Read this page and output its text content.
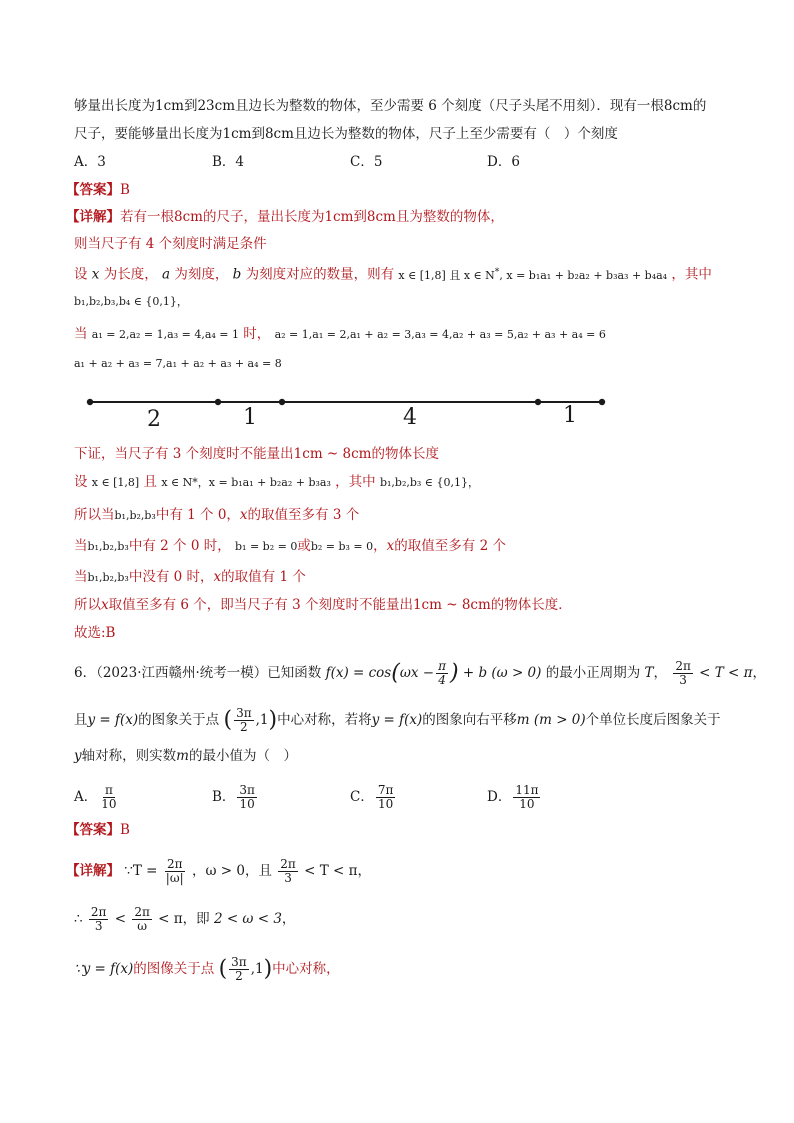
够量出长度为1cm到23cm且边长为整数的物体，至少需要 6 个刻度（尺子头尾不用刻）．现有一根8cm的
尺子，要能够量出长度为1cm到8cm且边长为整数的物体，尺子上至少需要有（　）个刻度
A．3	B．4	C．5	D．6
【答案】B
【详解】若有一根8cm的尺子，量出长度为1cm到8cm且为整数的物体，
则当尺子有 4 个刻度时满足条件
设 x 为长度， a 为刻度， b 为刻度对应的数量，则有 x ∈ [1,8] 且 x ∈ N*, x = b₁a₁ + b₂a₂ + b₃a₃ + b₄a₄ ，其中
b₁,b₂,b₃,b₄ ∈ {0,1}，
当 a₁ = 2,a₂ = 1,a₃ = 4,a₄ = 1 时， a₂ = 1,a₁ = 2,a₁ + a₂ = 3,a₃ = 4,a₂ + a₃ = 5,a₂ + a₃ + a₄ = 6
a₁ + a₂ + a₃ = 7,a₁ + a₂ + a₃ + a₄ = 8
2	1	4	1
下证，当尺子有 3 个刻度时不能量出1cm ~ 8cm的物体长度
设 x ∈ [1,8] 且 x ∈ N*，x = b₁a₁ + b₂a₂ + b₃a₃ ，其中 b₁,b₂,b₃ ∈ {0,1}，
所以当b₁,b₂,b₃中有 1 个 0，x的取值至多有 3 个
当b₁,b₂,b₃中有 2 个 0 时， b₁ = b₂ = 0或b₂ = b₃ = 0，x的取值至多有 2 个
当b₁,b₂,b₃中没有 0 时，x的取值有 1 个
所以x取值至多有 6 个，即当尺子有 3 个刻度时不能量出1cm ~ 8cm的物体长度．
故选:B
6．（2023·江西赣州·统考一模）已知函数 $f(x) = \cos(\omega x - \frac{\pi}{4}$ ) + b (ω > 0) 的最小正周期为 T， $\frac{2\pi}{3} < T < \pi$，
且y = f(x)的图象关于点 ( $\frac{3\pi}{2} ,1$)中心对称，若将y = f(x)的图象向右平移m (m > 0)个单位长度后图象关于
y轴对称，则实数m的最小值为（　）
A． $\frac{\pi}{10}$	B． $\frac{3\pi}{10}$	C． $\frac{7\pi}{10}$	D． $\frac{11\pi}{10}$
【答案】B
【详解】 ∵T = $\frac{2\pi}{|\omega|}$ ，ω > 0，且 $\frac{2\pi}{3} < T < \pi$，
∴ $\frac{2\pi}{3} < \frac{2\pi}{\omega} < \pi$，即 2 < ω < 3，
∵y = f(x)的图像关于点 ( $\frac{3\pi}{2} ,1$)中心对称，
